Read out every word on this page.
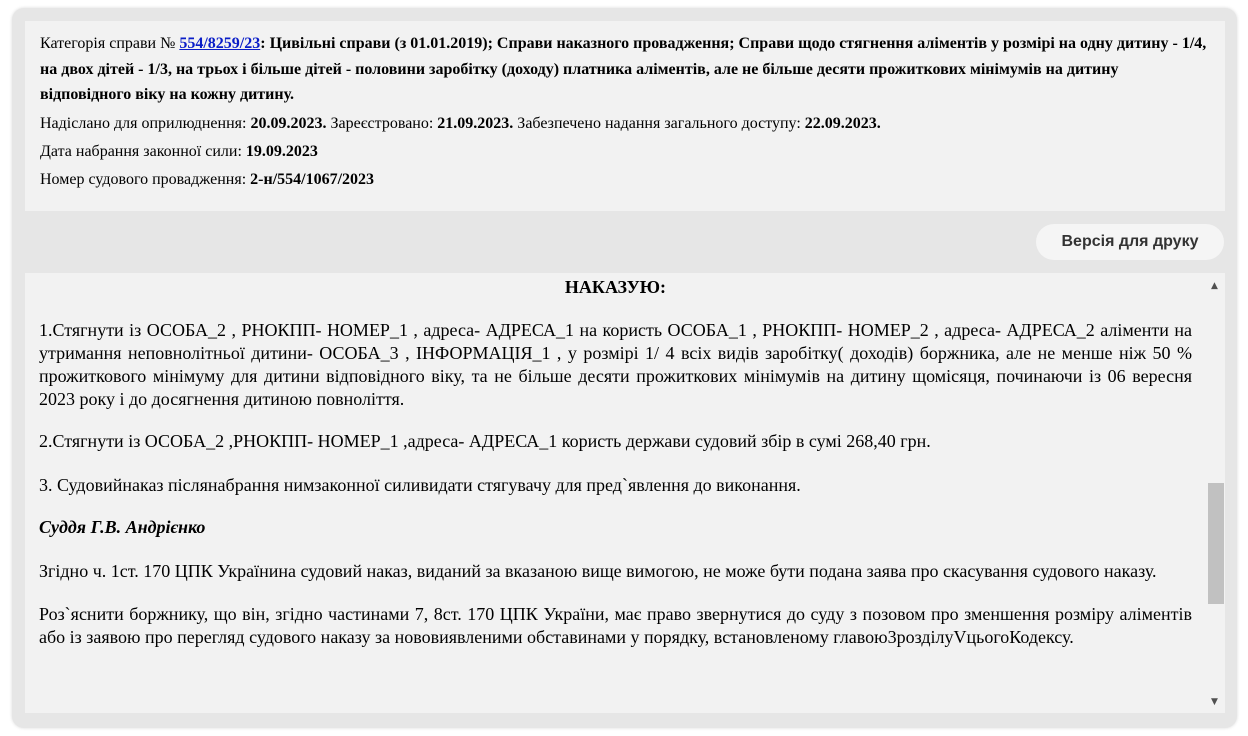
Категорія справи № 554/8259/23: Цивільні справи (з 01.01.2019); Справи наказного провадження; Справи щодо стягнення аліментів у розмірі на одну дитину - 1/4, на двох дітей - 1/3, на трьох і більше дітей - половини заробітку (доходу) платника аліментів, але не більше десяти прожиткових мінімумів на дитину відповідного віку на кожну дитину.
Надіслано для оприлюднення: 20.09.2023. Зареєстровано: 21.09.2023. Забезпечено надання загального доступу: 22.09.2023.
Дата набрання законної сили: 19.09.2023
Номер судового провадження: 2-н/554/1067/2023
Версія для друку

НАКАЗУЮ:

1.Стягнути із ОСОБА_2 , РНОКПП- НОМЕР_1 , адреса- АДРЕСА_1 на користь ОСОБА_1 , РНОКПП- НОМЕР_2 , адреса- АДРЕСА_2 аліменти на утримання неповнолітньої дитини- ОСОБА_3 , ІНФОРМАЦІЯ_1 , у розмірі 1/ 4 всіх видів заробітку( доходів) боржника, але не менше ніж 50 % прожиткового мінімуму для дитини відповідного віку, та не більше десяти прожиткових мінімумів на дитину щомісяця, починаючи із 06 вересня 2023 року і до досягнення дитиною повноліття.

2.Стягнути із ОСОБА_2 ,РНОКПП- НОМЕР_1 ,адреса- АДРЕСА_1 користь держави судовий збір в сумі 268,40 грн.

3. Судовийнаказ післянабрання нимзаконної силивидати стягувачу для пред`явлення до виконання.

Суддя Г.В. Андрієнко

Згідно ч. 1ст. 170 ЦПК Українина судовий наказ, виданий за вказаною вище вимогою, не може бути подана заява про скасування судового наказу.

Роз`яснити боржнику, що він, згідно частинами 7, 8ст. 170 ЦПК України, має право звернутися до суду з позовом про зменшення розміру аліментів або із заявою про перегляд судового наказу за нововиявленими обставинами у порядку, встановленому главою3розділуVцьогоКодексу.

▲
▼
